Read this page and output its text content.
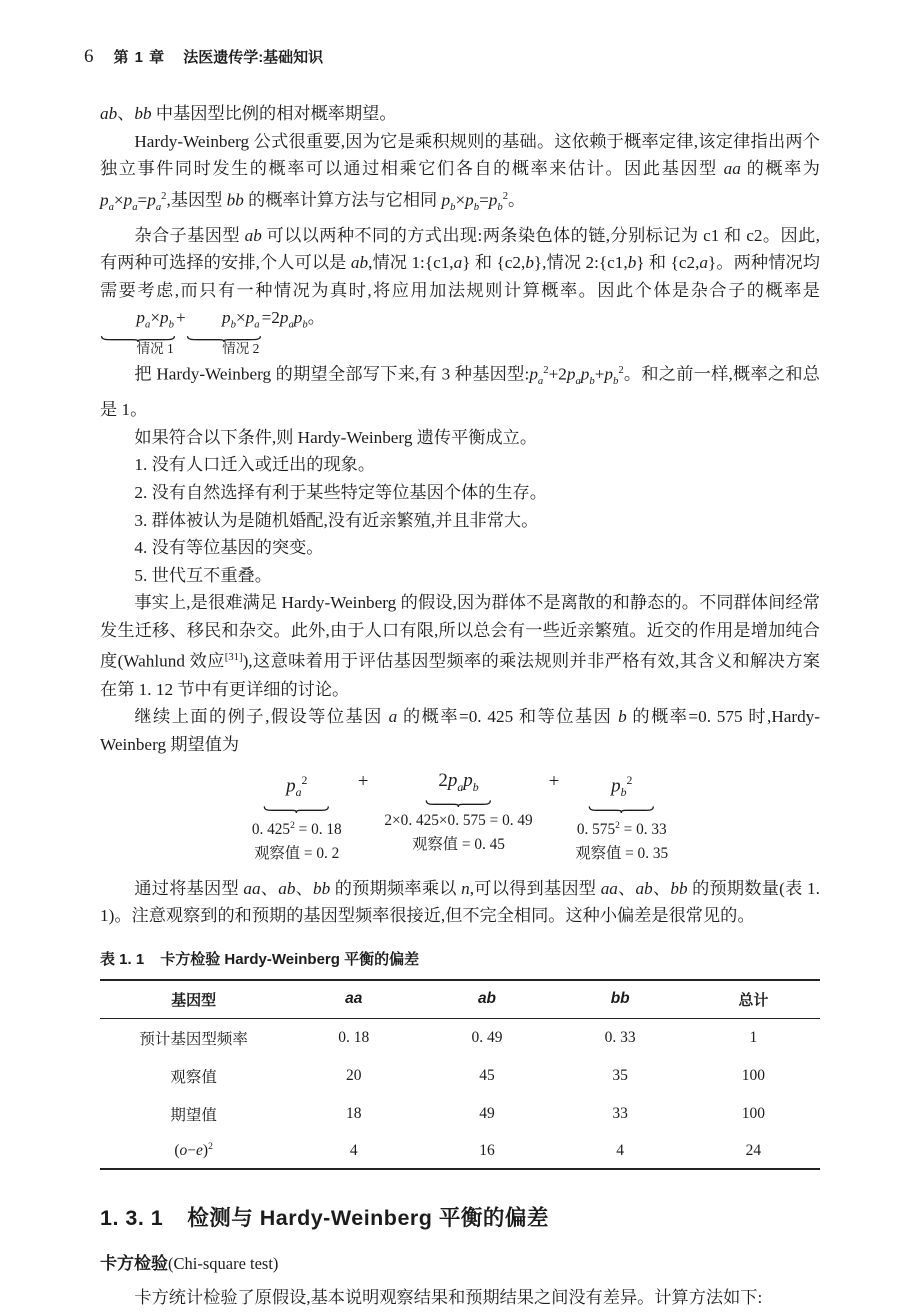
6 第 1 章 法医遗传学:基础知识

ab、bb 中基因型比例的相对概率期望。

Hardy-Weinberg 公式很重要,因为它是乘积规则的基础。这依赖于概率定律,该定律指出两个独立事件同时发生的概率可以通过相乘它们各自的概率来估计。因此基因型 aa 的概率为 $p_a\times p_a=p_a^2$,基因型 bb 的概率计算方法与它相同 $p_b\times p_b=p_b^2$。

杂合子基因型 ab 可以以两种不同的方式出现:两条染色体的链,分别标记为 c1 和 c2。因此,有两种可选择的安排,个人可以是 ab,情况 1:{c1,a} 和 {c2,b},情况 2:{c1,b} 和 {c2,a}。两种情况均需要考虑,而只有一种情况为真时,将应用加法规则计算概率。因此个体是杂合子的概率是 $p_a\times p_b$
情况 1
+ $p_b\times p_a$
情况 2
$=2p_ap_b$。

把 Hardy-Weinberg 的期望全部写下来,有 3 种基因型$:p_a^2+2p_ap_b+p_b^2$。和之前一样,概率之和总是 1。

如果符合以下条件,则 Hardy-Weinberg 遗传平衡成立。

1. 没有人口迁入或迁出的现象。

2. 没有自然选择有利于某些特定等位基因个体的生存。

3. 群体被认为是随机婚配,没有近亲繁殖,并且非常大。

4. 没有等位基因的突变。

5. 世代互不重叠。

事实上,是很难满足 Hardy-Weinberg 的假设,因为群体不是离散的和静态的。不同群体间经常发生迁移、移民和杂交。此外,由于人口有限,所以总会有一些近亲繁殖。近交的作用是增加纯合度(Wahlund 效应[31]),这意味着用于评估基因型频率的乘法规则并非严格有效,其含义和解决方案在第 1. 12 节中有更详细的讨论。

继续上面的例子,假设等位基因 a 的概率=0. 425 和等位基因 b 的概率=0. 575 时,Hardy-Weinberg 期望值为

$p_a^2$
0. $425^2 = 0$. 18
观察值 = 0. 2
+	$2p_ap_b$
2×0. 425×0. 575 = 0. 49
观察值 = 0. 45
+	$p_b^2$
0. $575^2 = 0$. 33
观察值 = 0. 35

通过将基因型 aa、ab、bb 的预期频率乘以 n,可以得到基因型 aa、ab、bb 的预期数量(表 1. 1)。注意观察到的和预期的基因型频率很接近,但不完全相同。这种小偏差是很常见的。

表 1. 1 卡方检验 Hardy-Weinberg 平衡的偏差
基因型	aa	ab	bb	总计
预计基因型频率	0. 18	0. 49	0. 33	1
观察值	20	45	35	100
期望值	18	49	33	100
$(o-e)^2$	4	16	4	24
1. 3. 1 检测与 Hardy-Weinberg 平衡的偏差
卡方检验(Chi-square test)

卡方统计检验了原假设,基本说明观察结果和预期结果之间没有差异。计算方法如下:
